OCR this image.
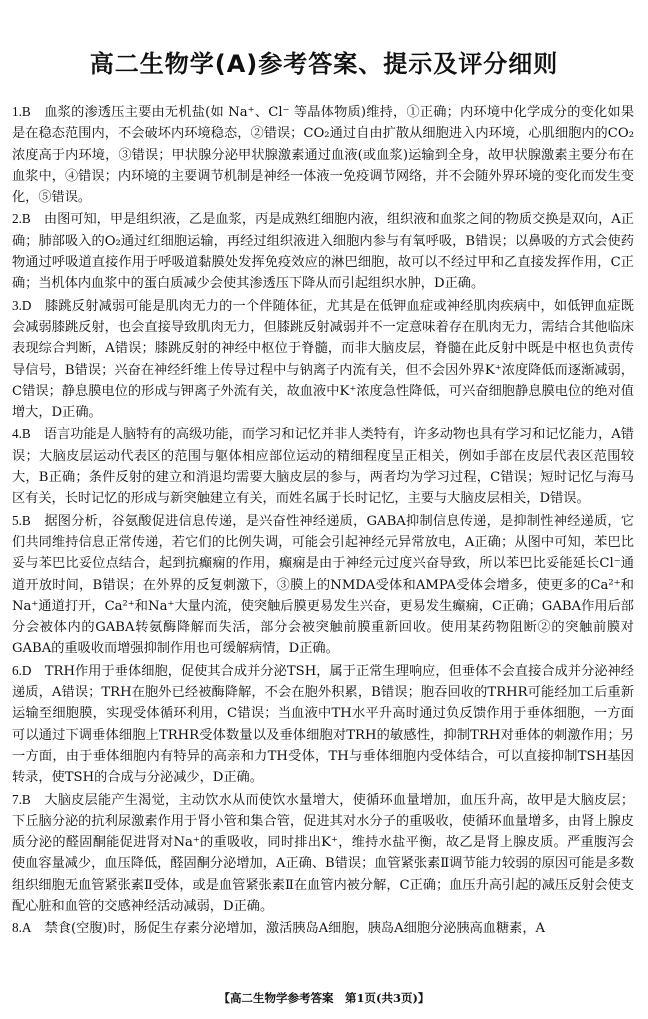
高二生物学(A)参考答案、提示及评分细则

1.B　 血浆的渗透压主要由无机盐(如 Na⁺、Cl⁻ 等晶体物质)维持，①正确；内环境中化学成分的变化如果是在稳态范围内，不会破坏内环境稳态，②错误；CO₂通过自由扩散从细胞进入内环境，心肌细胞内的CO₂浓度高于内环境，③错误；甲状腺分泌甲状腺激素通过血液(或血浆)运输到全身，故甲状腺激素主要分布在血浆中，④错误；内环境的主要调节机制是神经一体液一免疫调节网络，并不会随外界环境的变化而发生变化，⑤错误。

2.B　 由图可知，甲是组织液，乙是血浆，丙是成熟红细胞内液，组织液和血浆之间的物质交换是双向，A正确；肺部吸入的O₂通过红细胞运输，再经过组织液进入细胞内参与有氧呼吸，B错误；以鼻吸的方式会使药物通过呼吸道直接作用于呼吸道黏膜处发挥免疫效应的淋巴细胞，故可以不经过甲和乙直接发挥作用，C正确；当机体内血浆中的蛋白质减少会使其渗透压下降从而引起组织水肿，D正确。

3.D　 膝跳反射减弱可能是肌肉无力的一个伴随体征，尤其是在低钾血症或神经肌肉疾病中，如低钾血症既会减弱膝跳反射，也会直接导致肌肉无力，但膝跳反射减弱并不一定意味着存在肌肉无力，需结合其他临床表现综合判断，A错误；膝跳反射的神经中枢位于脊髓，而非大脑皮层，脊髓在此反射中既是中枢也负责传导信号，B错误；兴奋在神经纤维上传导过程中与钠离子内流有关，但不会因外界K⁺浓度降低而逐渐减弱，C错误；静息膜电位的形成与钾离子外流有关，故血液中K⁺浓度急性降低，可兴奋细胞静息膜电位的绝对值增大，D正确。

4.B　 语言功能是人脑特有的高级功能，而学习和记忆并非人类特有，许多动物也具有学习和记忆能力，A错误；大脑皮层运动代表区的范围与躯体相应部位运动的精细程度呈正相关，例如手部在皮层代表区范围较大，B正确；条件反射的建立和消退均需要大脑皮层的参与，两者均为学习过程，C错误；短时记忆与海马区有关，长时记忆的形成与新突触建立有关，而姓名属于长时记忆，主要与大脑皮层相关，D错误。

5.B　 据图分析，谷氨酸促进信息传递，是兴奋性神经递质，GABA抑制信息传递，是抑制性神经递质，它们共同维持信息正常传递，若它们的比例失调，可能会引起神经元异常放电，A正确；从图中可知，苯巴比妥与苯巴比妥位点结合，起到抗癫痫的作用，癫痫是由于神经元过度兴奋导致，所以苯巴比妥能延长Cl⁻通道开放时间，B错误；在外界的反复刺激下，③膜上的NMDA受体和AMPA受体会增多，使更多的Ca²⁺和Na⁺通道打开，Ca²⁺和Na⁺大量内流，使突触后膜更易发生兴奋，更易发生癫痫，C正确；GABA作用后部分会被体内的GABA转氨酶降解而失活，部分会被突触前膜重新回收。使用某药物阻断②的突触前膜对GABA的重吸收而增强抑制作用也可缓解病情，D正确。

6.D　 TRH作用于垂体细胞，促使其合成并分泌TSH，属于正常生理响应，但垂体不会直接合成并分泌神经递质，A错误；TRH在胞外已经被酶降解，不会在胞外积累，B错误；胞吞回收的TRHR可能经加工后重新运输至细胞膜，实现受体循环利用，C错误；当血液中TH水平升高时通过负反馈作用于垂体细胞，一方面可以通过下调垂体细胞上TRHR受体数量以及垂体细胞对TRH的敏感性，抑制TRH对垂体的刺激作用；另一方面，由于垂体细胞内有特异的高亲和力TH受体，TH与垂体细胞内受体结合，可以直接抑制TSH基因转录，使TSH的合成与分泌减少，D正确。

7.B　 大脑皮层能产生渴觉，主动饮水从而使饮水量增大，使循环血量增加，血压升高，故甲是大脑皮层；下丘脑分泌的抗利尿激素作用于肾小管和集合管，促进其对水分子的重吸收，使循环血量增多，由肾上腺皮质分泌的醛固酮能促进肾对Na⁺的重吸收，同时排出K⁺，维持水盐平衡，故乙是肾上腺皮质。严重腹泻会使血容量减少，血压降低，醛固酮分泌增加，A正确、B错误；血管紧张素Ⅱ调节能力较弱的原因可能是多数组织细胞无血管紧张素Ⅱ受体，或是血管紧张素Ⅱ在血管内被分解，C正确；血压升高引起的减压反射会使支配心脏和血管的交感神经活动减弱，D正确。

8.A　 禁食(空腹)时，肠促生存素分泌增加，激活胰岛A细胞，胰岛A细胞分泌胰高血糖素，A

【高二生物学参考答案　第1页(共3页)】
